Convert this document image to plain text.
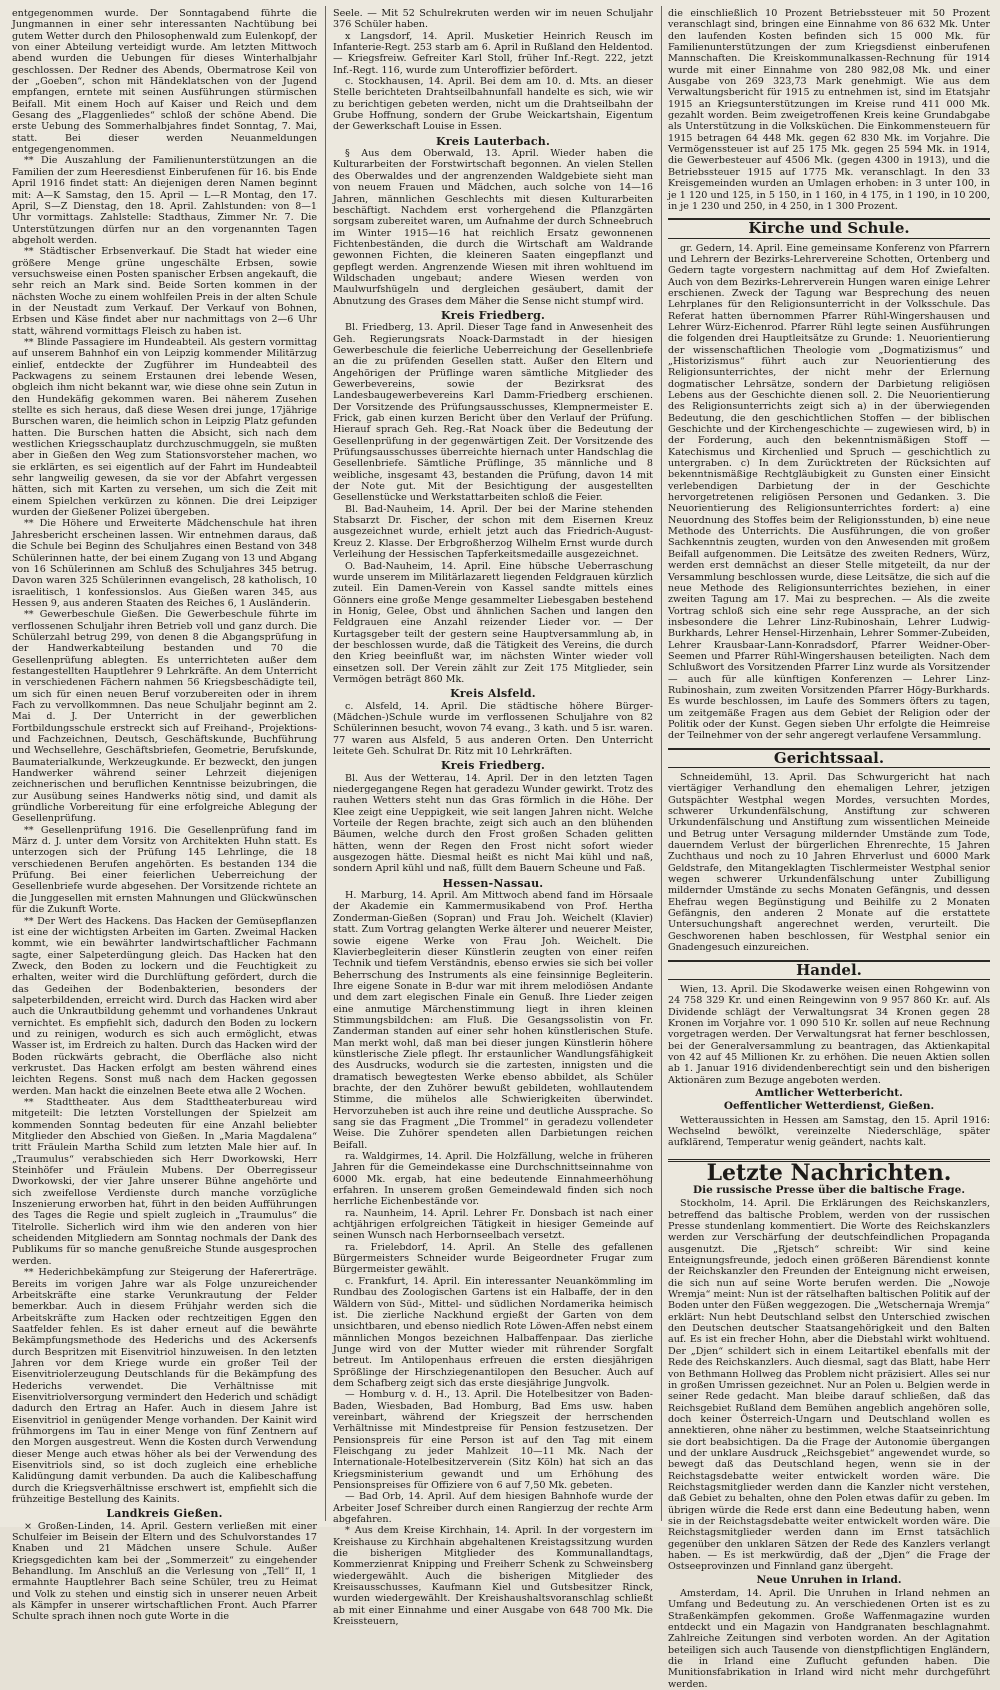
entgegenommen wurde. Der Sonntagabend führte die Jungmannen in einer sehr interessanten Nachtübung bei gutem Wetter durch den Philosophenwald zum Eulenkopf, der von einer Abteilung verteidigt wurde. Am letzten Mittwoch abend wurden die Uebungen für dieses Winterhalbjahr geschlossen. Der Redner des Abends, Obermatrose Keil von der „Goeben“, schon mit Händeklatschen von der Jugend empfangen, erntete mit seinen Ausführungen stürmischen Beifall. Mit einem Hoch auf Kaiser und Reich und dem Gesang des „Flaggenliedes“ schloß der schöne Abend. Die erste Uebung des Sommerhalbjahres findet Sonntag, 7. Mai, statt. Bei dieser werden Neuanmeldungen entgegengenommen.

** Die Auszahlung der Familienunterstützungen an die Familien der zum Heeresdienst Einberufenen für 16. bis Ende April 1916 findet statt: An diejenigen deren Namen beginnt mit: A—K Samstag, den 15. April — L—R Montag, den 17. April, S—Z Dienstag, den 18. April. Zahlstunden: von 8—1 Uhr vormittags. Zahlstelle: Stadthaus, Zimmer Nr. 7. Die Unterstützungen dürfen nur an den vorgenannten Tagen abgeholt werden.

** Städtischer Erbsenverkauf. Die Stadt hat wieder eine größere Menge grüne ungeschälte Erbsen, sowie versuchsweise einen Posten spanischer Erbsen angekauft, die sehr reich an Mark sind. Beide Sorten kommen in der nächsten Woche zu einem wohlfeilen Preis in der alten Schule in der Neustadt zum Verkauf. Der Verkauf von Bohnen, Erbsen und Käse findet aber nur nachmittags von 2—6 Uhr statt, während vormittags Fleisch zu haben ist.

** Blinde Passagiere im Hundeabteil. Als gestern vormittag auf unserem Bahnhof ein von Leipzig kommender Militärzug einlief, entdeckte der Zugführer im Hundeabteil des Packwagens zu seinem Erstaunen drei lebende Wesen, obgleich ihm nicht bekannt war, wie diese ohne sein Zutun in den Hundekäfig gekommen waren. Bei näherem Zusehen stellte es sich heraus, daß diese Wesen drei junge, 17jährige Burschen waren, die heimlich schon in Leipzig Platz gefunden hatten. Die Burschen hatten die Absicht, sich nach dem westlichen Kriegsschauplatz durchzuschmuggeln, sie mußten aber in Gießen den Weg zum Stationsvorsteher machen, wo sie erklärten, es sei eigentlich auf der Fahrt im Hundeabteil sehr langweilig gewesen, da sie vor der Abfahrt vergessen hätten, sich mit Karten zu versehen, um sich die Zeit mit einem Spielchen verkürzen zu können. Die drei Leipziger wurden der Gießener Polizei übergeben.

** Die Höhere und Erweiterte Mädchenschule hat ihren Jahresbericht erscheinen lassen. Wir entnehmen daraus, daß die Schule bei Beginn des Schuljahres einen Bestand von 348 Schülerinnen hatte, der bei einem Zugang von 13 und Abgang von 16 Schülerinnen am Schluß des Schuljahres 345 betrug. Davon waren 325 Schülerinnen evangelisch, 28 katholisch, 10 israelitisch, 1 konfessionslos. Aus Gießen waren 345, aus Hessen 9, aus anderen Staaten des Reiches 6, 1 Ausländerin.

** Gewerbeschule Gießen. Die Gewerbeschule führte im verflossenen Schuljahr ihren Betrieb voll und ganz durch. Die Schülerzahl betrug 299, von denen 8 die Abgangsprüfung in der Handwerkabteilung bestanden und 70 die Gesellenprüfung ablegten. Es unterrichteten außer dem festangestellten Hauptlehrer 9 Lehrkräfte. An dem Unterricht in verschiedenen Fächern nahmen 56 Kriegsbeschädigte teil, um sich für einen neuen Beruf vorzubereiten oder in ihrem Fach zu vervollkommnen. Das neue Schuljahr beginnt am 2. Mai d. J. Der Unterricht in der gewerblichen Fortbildungsschule erstreckt sich auf Freihand-, Projektions- und Fachzeichnen, Deutsch, Geschäftskunde, Buchführung und Wechsellehre, Geschäftsbriefen, Geometrie, Berufskunde, Baumaterialkunde, Werkzeugkunde. Er bezweckt, den jungen Handwerker während seiner Lehrzeit diejenigen zeichnerischen und beruflichen Kenntnisse beizubringen, die zur Ausübung seines Handwerks nötig sind, und damit als gründliche Vorbereitung für eine erfolgreiche Ablegung der Gesellenprüfung.

** Gesellenprüfung 1916. Die Gesellenprüfung fand im März d. J. unter dem Vorsitz von Architekten Huhn statt. Es unterzogen sich der Prüfung 145 Lehrlinge, die 18 verschiedenen Berufen angehörten. Es bestanden 134 die Prüfung. Bei einer feierlichen Ueberreichung der Gesellenbriefe wurde abgesehen. Der Vorsitzende richtete an die Junggesellen mit ernsten Mahnungen und Glückwünschen für die Zukunft Worte.

** Der Wert des Hackens. Das Hacken der Gemüsepflanzen ist eine der wichtigsten Arbeiten im Garten. Zweimal Hacken kommt, wie ein bewährter landwirtschaftlicher Fachmann sagte, einer Salpeterdüngung gleich. Das Hacken hat den Zweck, den Boden zu lockern und die Feuchtigkeit zu erhalten, weiter wird die Durchlüftung gefördert, durch die das Gedeihen der Bodenbakterien, besonders der salpeterbildenden, erreicht wird. Durch das Hacken wird aber auch die Unkrautbildung gehemmt und vorhandenes Unkraut vernichtet. Es empfiehlt sich, dadurch den Boden zu lockern und zu reinigen, wodurch es sich auch ermöglicht, etwas Wasser ist, im Erdreich zu halten. Durch das Hacken wird der Boden rückwärts gebracht, die Oberfläche also nicht verkrustet. Das Hacken erfolgt am besten während eines leichten Regens. Sonst muß nach dem Hacken gegossen werden. Man hackt die einzelnen Beete etwa alle 2 Wochen.

** Stadttheater. Aus dem Stadttheaterbureau wird mitgeteilt: Die letzten Vorstellungen der Spielzeit am kommenden Sonntag bedeuten für eine Anzahl beliebter Mitglieder den Abschied von Gießen. In „Maria Magdalena“ tritt Fräulein Martha Schild zum letzten Male hier auf. In „Traumulus“ verabschieden sich Herr Dworkowski, Herr Steinhöfer und Fräulein Mubens. Der Oberregisseur Dworkowski, der vier Jahre unserer Bühne angehörte und sich zweifellose Verdienste durch manche vorzügliche Inszenierung erworben hat, führt in den beiden Aufführungen des Tages die Regie und spielt zugleich in „Traumulus“ die Titelrolle. Sicherlich wird ihm wie den anderen von hier scheidenden Mitgliedern am Sonntag nochmals der Dank des Publikums für so manche genußreiche Stunde ausgesprochen werden.

** Hederichbekämpfung zur Steigerung der Hafererträge. Bereits im vorigen Jahre war als Folge unzureichender Arbeitskräfte eine starke Verunkrautung der Felder bemerkbar. Auch in diesem Frühjahr werden sich die Arbeitskräfte zum Hacken oder rechtzeitigen Eggen den Saatfelder fehlen. Es ist daher erneut auf die bewährte Bekämpfungsmethode des Hederichs und des Ackersenfs durch Bespritzen mit Eisenvitriol hinzuweisen. In den letzten Jahren vor dem Kriege wurde ein großer Teil der Eisenvitriolerzeugung Deutschlands für die Bekämpfung des Hederichs verwendet. Die Verhältnisse mit Eisenvitriolversorgung vermindert den Hederich und schädigt dadurch den Ertrag an Hafer. Auch in diesem Jahre ist Eisenvitriol in genügender Menge vorhanden. Der Kainit wird frühmorgens im Tau in einer Menge von fünf Zentnern auf den Morgen ausgestreut. Wenn die Kosten durch Verwendung dieser Menge auch etwas höher als bei der Verwendung des Eisenvitriols sind, so ist doch zugleich eine erhebliche Kalidüngung damit verbunden. Da auch die Kalibeschaffung durch die Kriegsverhältnisse erschwert ist, empfiehlt sich die frühzeitige Bestellung des Kainits.

Landkreis Gießen.

× Großen-Linden, 14. April. Gestern verließen mit einer Schulfeier im Beisein der Eltern und des Schulvorstandes 17 Knaben und 21 Mädchen unsere Schule. Außer Kriegsgedichten kam bei der „Sommerzeit“ zu eingehender Behandlung. Im Anschluß an die Verlesung von „Tell“ II, 1 ermahnte Hauptlehrer Bach seine Schüler, treu zu Heimat und Volk zu stehen und einstig sich in unserer neuen Arbeit als Kämpfer in unserer wirtschaftlichen Front. Auch Pfarrer Schulte sprach ihnen noch gute Worte in die

Seele. — Mit 52 Schulrekruten werden wir im neuen Schuljahr 376 Schüler haben.

x Langsdorf, 14. April. Musketier Heinrich Reusch im Infanterie-Regt. 253 starb am 6. April in Rußland den Heldentod. — Kriegsfreiw. Gefreiter Karl Stoll, früher Inf.-Regt. 222, jetzt Inf.-Regt. 116, wurde zum Unteroffizier befördert.

c. Stockhausen, 14. April. Bei dem am 10. d. Mts. an dieser Stelle berichteten Drahtseilbahnunfall handelte es sich, wie wir zu berichtigen gebeten werden, nicht um die Drahtseilbahn der Grube Hoffnung, sondern der Grube Weickartshain, Eigentum der Gewerkschaft Louise in Essen.

Kreis Lauterbach.

§ Aus dem Oberwald, 13. April. Wieder haben die Kulturarbeiten der Forstwirtschaft begonnen. An vielen Stellen des Oberwaldes und der angrenzenden Waldgebiete sieht man von neuem Frauen und Mädchen, auch solche von 14—16 Jahren, männlichen Geschlechts mit diesen Kulturarbeiten beschäftigt. Nachdem erst vorhergehend die Pflanzgärten sorgsam zubereitet waren, um Aufnahme der durch Schneebruch im Winter 1915—16 hat reichlich Ersatz gewonnenen Fichtenbeständen, die durch die Wirtschaft am Waldrande gewonnen Fichten, die kleineren Saaten eingepflanzt und gepflegt werden. Angrenzende Wiesen mit ihren wohltuend im Wildschaden ungebaut; andere Wiesen werden von Maulwurfshügeln und dergleichen gesäubert, damit der Abnutzung des Grases dem Mäher die Sense nicht stumpf wird.

Kreis Friedberg.

Bl. Friedberg, 13. April. Dieser Tage fand in Anwesenheit des Geh. Regierungsrats Noack-Darmstadt in der hiesigen Gewerbeschule die feierliche Ueberreichung der Gesellenbriefe an die zu prüfenden Gesellen statt. Außer den Eltern und Angehörigen der Prüflinge waren sämtliche Mitglieder des Gewerbevereins, sowie der Bezirksrat des Landesbaugewerbevereins Karl Damm-Friedberg erschienen. Der Vorsitzende des Prüfungsausschusses, Klempnermeister E. Frick, gab einen kurzen Bericht über den Verlauf der Prüfung. Hierauf sprach Geh. Reg.-Rat Noack über die Bedeutung der Gesellenprüfung in der gegenwärtigen Zeit. Der Vorsitzende des Prüfungsausschusses überreichte hiernach unter Handschlag die Gesellenbriefe. Sämtliche Prüflinge, 35 männliche und 8 weibliche, insgesamt 43, bestanden die Prüfung, davon 14 mit der Note gut. Mit der Besichtigung der ausgestellten Gesellenstücke und Werkstattarbeiten schloß die Feier.

Bl. Bad-Nauheim, 14. April. Der bei der Marine stehenden Stabsarzt Dr. Fischer, der schon mit dem Eisernen Kreuz ausgezeichnet wurde, erhielt jetzt auch das Friedrich-August-Kreuz 2. Klasse. Der Erbgroßherzog Wilhelm Ernst wurde durch Verleihung der Hessischen Tapferkeitsmedaille ausgezeichnet.

O. Bad-Nauheim, 14. April. Eine hübsche Ueberraschung wurde unserem im Militärlazarett liegenden Feldgrauen kürzlich zuteil. Ein Damen-Verein von Kassel sandte mittels eines Gönners eine große Menge gesammelter Liebesgaben bestehend in Honig, Gelee, Obst und ähnlichen Sachen und langen den Feldgrauen eine Anzahl reizender Lieder vor. — Der Kurtagsgeber teilt der gestern seine Hauptversammlung ab, in der beschlossen wurde, daß die Tätigkeit des Vereins, die durch den Krieg beeinflußt war, im nächsten Winter wieder voll einsetzen soll. Der Verein zählt zur Zeit 175 Mitglieder, sein Vermögen beträgt 860 Mk.

Kreis Alsfeld.

c. Alsfeld, 14. April. Die städtische höhere Bürger-(Mädchen-)Schule wurde im verflossenen Schuljahre von 82 Schülerinnen besucht, wovon 74 evang., 3 kath. und 5 isr. waren. 77 waren aus Alsfeld, 5 aus anderen Orten. Den Unterricht leitete Geh. Schulrat Dr. Ritz mit 10 Lehrkräften.

Kreis Friedberg.

Bl. Aus der Wetterau, 14. April. Der in den letzten Tagen niedergegangene Regen hat geradezu Wunder gewirkt. Trotz des rauhen Wetters steht nun das Gras förmlich in die Höhe. Der Klee zeigt eine Ueppigkeit, wie seit langen Jahren nicht. Welche Vorteile der Regen brachte, zeigt sich auch an den blühenden Bäumen, welche durch den Frost großen Schaden gelitten hätten, wenn der Regen den Frost nicht sofort wieder ausgezogen hätte. Diesmal heißt es nicht Mai kühl und naß, sondern April kühl und naß, füllt dem Bauern Scheune und Faß.

Hessen-Nassau.

H. Marburg, 14. April. Am Mittwoch abend fand im Hörsaale der Akademie ein Kammermusikabend von Prof. Hertha Zonderman-Gießen (Sopran) und Frau Joh. Weichelt (Klavier) statt. Zum Vortrag gelangten Werke älterer und neuerer Meister, sowie eigene Werke von Frau Joh. Weichelt. Die Klavierbegleiterin dieser Künstlerin zeugten von einer reifen Technik und tiefem Verständnis, ebenso erwies sie sich bei voller Beherrschung des Instruments als eine feinsinnige Begleiterin. Ihre eigene Sonate in B-dur war mit ihrem melodiösen Andante und dem zart elegischen Finale ein Genuß. Ihre Lieder zeigen eine anmutige Märchenstimmung liegt in ihren kleinen Stimmungsbildchen: am Fluß. Die Gesangssolistin von Fr. Zanderman standen auf einer sehr hohen künstlerischen Stufe. Man merkt wohl, daß man bei dieser jungen Künstlerin höhere künstlerische Ziele pflegt. Ihr erstaunlicher Wandlungsfähigkeit des Ausdrucks, wodurch sie die zartesten, innigsten und die dramatisch bewegtesten Werke ebenso abbildet, als Schüler brachte, der den Zuhörer bewußt gebildeten, wohllautendem Stimme, die mühelos alle Schwierigkeiten überwindet. Hervorzuheben ist auch ihre reine und deutliche Aussprache. So sang sie das Fragment „Die Trommel“ in geradezu vollendeter Weise. Die Zuhörer spendeten allen Darbietungen reichen Beifall.

ra. Waldgirmes, 14. April. Die Holzfällung, welche in früheren Jahren für die Gemeindekasse eine Durchschnittseinnahme von 6000 Mk. ergab, hat eine bedeutende Einnahmeerhöhung erfahren. In unserem großen Gemeindewald finden sich noch herrliche Eichenbestände vor.

ra. Naunheim, 14. April. Lehrer Fr. Donsbach ist nach einer achtjährigen erfolgreichen Tätigkeit in hiesiger Gemeinde auf seinen Wunsch nach Herbornseelbach versetzt.

ra. Frielebdorf, 14. April. An Stelle des gefallenen Bürgermeisters Schneider wurde Beigeordneter Frugar zum Bürgermeister gewählt.

c. Frankfurt, 14. April. Ein interessanter Neuankömmling im Rundbau des Zoologischen Gartens ist ein Halbaffe, der in den Wäldern von Süd-, Mittel- und südlichen Nordamerika heimisch ist. Die zierliche Nackhund ergießt der Garten von dem unsichtbaren, und ebenso niedlich Rote Löwen-Affen nebst einem männlichen Mongos bezeichnen Halbaffenpaar. Das zierliche Junge wird von der Mutter wieder mit rührender Sorgfalt betreut. Im Antilopenhaus erfreuen die ersten diesjährigen Sprößlinge der Hirschziegenantilopen den Besucher. Auch auf dem Schafberg zeigt sich das erste diesjährige Jungvolk.

— Homburg v. d. H., 13. April. Die Hotelbesitzer von Baden-Baden, Wiesbaden, Bad Homburg, Bad Ems usw. haben vereinbart, während der Kriegszeit der herrschenden Verhältnisse mit Mindestpreise für Pension festzusetzen. Der Pensionspreis für eine Person ist auf den Tag mit einem Fleischgang zu jeder Mahlzeit 10—11 Mk. Nach der Internationale-Hotelbesitzerverein (Sitz Köln) hat sich an das Kriegsministerium gewandt und um Erhöhung des Pensionspreises für Offiziere von 6 auf 7,50 Mk. gebeten.

— Bad Orb, 14. April. Auf dem hiesigen Bahnhofe wurde der Arbeiter Josef Schreiber durch einen Rangierzug der rechte Arm abgefahren.

* Aus dem Kreise Kirchhain, 14. April. In der vorgestern im Kreishause zu Kirchhain abgehaltenen Kreistagssitzung wurden die bisherigen Mitglieder des Kommunallandtags, Kommerzienrat Knipping und Freiherr Schenk zu Schweinsberg wiedergewählt. Auch die bisherigen Mitglieder des Kreisausschusses, Kaufmann Kiel und Gutsbesitzer Rinck, wurden wiedergewählt. Der Kreishaushaltsvoranschlag schließt ab mit einer Einnahme und einer Ausgabe von 648 700 Mk. Die Kreissteuern,

die einschließlich 10 Prozent Betriebssteuer mit 50 Prozent veranschlagt sind, bringen eine Einnahme von 86 632 Mk. Unter den laufenden Kosten befinden sich 15 000 Mk. für Familienunterstützungen der zum Kriegsdienst einberufenen Mannschaften. Die Kreiskommunalkassen-Rechnung für 1914 wurde mit einer Einnahme von 280 982,08 Mk. und einer Ausgabe von 269 323,73 Mark genehmigt. Wie aus dem Verwaltungsbericht für 1915 zu entnehmen ist, sind im Etatsjahr 1915 an Kriegsunterstützungen im Kreise rund 411 000 Mk. gezahlt worden. Beim zweigetroffenen Kreis keine Grundabgabe als Unterstützung in die Volksküchen. Die Einkommensteuern für 1915 betragen 64 448 Mk. gegen 62 830 Mk. im Vorjahre. Die Vermögenssteuer ist auf 25 175 Mk. gegen 25 594 Mk. in 1914, die Gewerbesteuer auf 4506 Mk. (gegen 4300 in 1913), und die Betriebssteuer 1915 auf 1775 Mk. veranschlagt. In den 33 Kreisgemeinden wurden an Umlagen erhoben: in 3 unter 100, in je 1 120 und 125, in 5 150, in 1 160, in 4 175, in 1 190, in 10 200, in je 1 230 und 250, in 4 250, in 1 300 Prozent.

Kirche und Schule.

gr. Gedern, 14. April. Eine gemeinsame Konferenz von Pfarrern und Lehrern der Bezirks-Lehrervereine Schotten, Ortenberg und Gedern tagte vorgestern nachmittag auf dem Hof Zwiefalten. Auch von dem Bezirks-Lehrerverein Hungen waren einige Lehrer erschienen. Zweck der Tagung war Besprechung des neuen Lehrplanes für den Religionsunterricht in der Volksschule. Das Referat hatten übernommen Pfarrer Rühl-Wingershausen und Lehrer Würz-Eichenrod. Pfarrer Rühl legte seinen Ausführungen die folgenden drei Hauptleitsätze zu Grunde: 1. Neuorientierung der wissenschaftlichen Theologie vom „Dogmatizismus“ und „Historizismus“ führt auch zur Neuorientierung des Religionsunterrichtes, der nicht mehr der Erlernung dogmatischer Lehrsätze, sondern der Darbietung religiösen Lebens aus der Geschichte dienen soll. 2. Die Neuorientierung des Religionsunterrichts zeigt sich a) in der überwiegenden Bedeutung, die den geschichtlichen Stoffen — der biblischen Geschichte und der Kirchengeschichte — zugewiesen wird, b) in der Forderung, auch den bekenntnismäßigen Stoff — Katechismus und Kirchenlied und Spruch — geschichtlich zu untergraben. c) In dem Zurücktreten der Rücksichten auf bekenntnismäßige Rechtgläubigkeit zu Gunsten einer Einsicht verlebendigen Darbietung der in der Geschichte hervorgetretenen religiösen Personen und Gedanken. 3. Die Neuorientierung des Religionsunterrichtes fordert: a) eine Neuordnung des Stoffes beim der Religionsstunden, b) eine neue Methode des Unterrichts. Die Ausführungen, die von großer Sachkenntnis zeugten, wurden von den Anwesenden mit großem Beifall aufgenommen. Die Leitsätze des zweiten Redners, Würz, werden erst demnächst an dieser Stelle mitgeteilt, da nur der Versammlung beschlossen wurde, diese Leitsätze, die sich auf die neue Methode des Religionsunterrichtes beziehen, in einer zweiten Tagung am 17. Mai zu besprechen. — Als die zweite Vortrag schloß sich eine sehr rege Aussprache, an der sich insbesondere die Lehrer Linz-Rubinoshain, Lehrer Ludwig-Burkhards, Lehrer Hensel-Hirzenhain, Lehrer Sommer-Zubeiden, Lehrer Krausbaar-Lann-Konradsdorf, Pfarrer Weidner-Ober-Seemen und Pfarrer Rühl-Wingershausen beteiligten. Nach dem Schlußwort des Vorsitzenden Pfarrer Linz wurde als Vorsitzender — auch für alle künftigen Konferenzen — Lehrer Linz-Rubinoshain, zum zweiten Vorsitzenden Pfarrer Högy-Burkhards. Es wurde beschlossen, im Laufe des Sommers öfters zu tagen, um zeitgemäße Fragen aus dem Gebiet der Religion oder der Politik oder der Kunst. Gegen sieben Uhr erfolgte die Heimreise der Teilnehmer von der sehr angeregt verlaufene Versammlung.

Gerichtssaal.

Schneidemühl, 13. April. Das Schwurgericht hat nach viertägiger Verhandlung den ehemaligen Lehrer, jetzigen Gutspächter Westphal wegen Mordes, versuchten Mordes, schwerer Urkundenfälschung, Anstiftung zur schweren Urkundenfälschung und Anstiftung zum wissentlichen Meineide und Betrug unter Versagung mildernder Umstände zum Tode, dauerndem Verlust der bürgerlichen Ehrenrechte, 15 Jahren Zuchthaus und noch zu 10 Jahren Ehrverlust und 6000 Mark Geldstrafe, den Mitangeklagten Tischlermeister Westphal senior wegen schwerer Urkundenfälschung unter Zubilligung mildernder Umstände zu sechs Monaten Gefängnis, und dessen Ehefrau wegen Begünstigung und Beihilfe zu 2 Monaten Gefängnis, den anderen 2 Monate auf die erstattete Untersuchungshaft angerechnet werden, verurteilt. Die Geschworenen haben beschlossen, für Westphal senior ein Gnadengesuch einzureichen.

Handel.

Wien, 13. April. Die Skodawerke weisen einen Rohgewinn von 24 758 329 Kr. und einen Reingewinn von 9 957 860 Kr. auf. Als Dividende schlägt der Verwaltungsrat 34 Kronen gegen 28 Kronen im Vorjahre vor. 1 090 510 Kr. sollen auf neue Rechnung vorgetragen werden. Der Verwaltungsrat hat ferner beschlossen, bei der Generalversammlung zu beantragen, das Aktienkapital von 42 auf 45 Millionen Kr. zu erhöhen. Die neuen Aktien sollen ab 1. Januar 1916 dividendenberechtigt sein und den bisherigen Aktionären zum Bezuge angeboten werden.

Amtlicher Wetterbericht.
Oeffentlicher Wetterdienst, Gießen.

Wetteraussichten in Hessen am Samstag, den 15. April 1916: Wechselnd bewölkt, vereinzelte Niederschläge, später aufklärend, Temperatur wenig geändert, nachts kalt.

Letzte Nachrichten.
Die russische Presse über die baltische Frage.

Stockholm, 14. April. Die Erklärungen des Reichskanzlers, betreffend das baltische Problem, werden von der russischen Presse stundenlang kommentiert. Die Worte des Reichskanzlers werden zur Verschärfung der deutschfeindlichen Propaganda ausgenutzt. Die „Rjetsch“ schreibt: Wir sind keine Enteignungsfreunde, jedoch einen größeren Bärendienst konnte der Reichskanzler den Freunden der Enteignung nicht erweisen, die sich nun auf seine Worte berufen werden. Die „Nowoje Wremja“ meint: Nun ist der rätselhaften baltischen Politik auf der Boden unter den Füßen weggezogen. Die „Wetschernaja Wremja“ erklärt: Nun hebt Deutschland selbst den Unterschied zwischen den Deutschen deutscher Staatsangehörigkeit und den Balten auf. Es ist ein frecher Hohn, aber die Diebstahl wirkt wohltuend. Der „Djen“ schildert sich in einem Leitartikel ebenfalls mit der Rede des Reichskanzlers. Auch diesmal, sagt das Blatt, habe Herr von Bethmann Hollweg das Problem nicht präzisiert. Alles sei nur in großen Umrissen gezeichnet. Nur an Polen u. Belgien werde in seiner Rede gedacht. Man bleibe darauf schließen, daß das Reichsgebiet Rußland dem Bemühen angeblich angehören solle, doch keiner Österreich-Ungarn und Deutschland wollen es annektieren, ohne näher zu bestimmen, welche Staatseinrichtung sie dort beabsichtigen. Da die Frage der Autonomie übergangen und der unklare Ausdruck „Reichsgebiet“ angewendet wurde, so bewegt daß das Deutschland hegen, wenn sie in der Reichstagsdebatte weiter entwickelt worden wäre. Die Reichstagsmitglieder werden dann die Kanzler nicht verstehen, daß Gebiet zu behalten, ohne den Polen etwas dafür zu geben. Im übrigen würde die Rede erst dann eine Bedeutung haben, wenn sie in der Reichstagsdebatte weiter entwickelt worden wäre. Die Reichstagsmitglieder werden dann im Ernst tatsächlich gegenüber den unklaren Sätzen der Rede des Kanzlers verlangt haben. — Es ist merkwürdig, daß der „Djen“ die Frage der Ostseeprovinzen und Finnland ganz übergeht.

Neue Unruhen in Irland.

Amsterdam, 14. April. Die Unruhen in Irland nehmen an Umfang und Bedeutung zu. An verschiedenen Orten ist es zu Straßenkämpfen gekommen. Große Waffenmagazine wurden entdeckt und ein Magazin von Handgranaten beschlagnahmt. Zahlreiche Zeitungen sind verboten worden. An der Agitation beteiligen sich auch Tausende von dienstpflichtigen Engländern, die in Irland eine Zuflucht gefunden haben. Die Munitionsfabrikation in Irland wird nicht mehr durchgeführt werden.
